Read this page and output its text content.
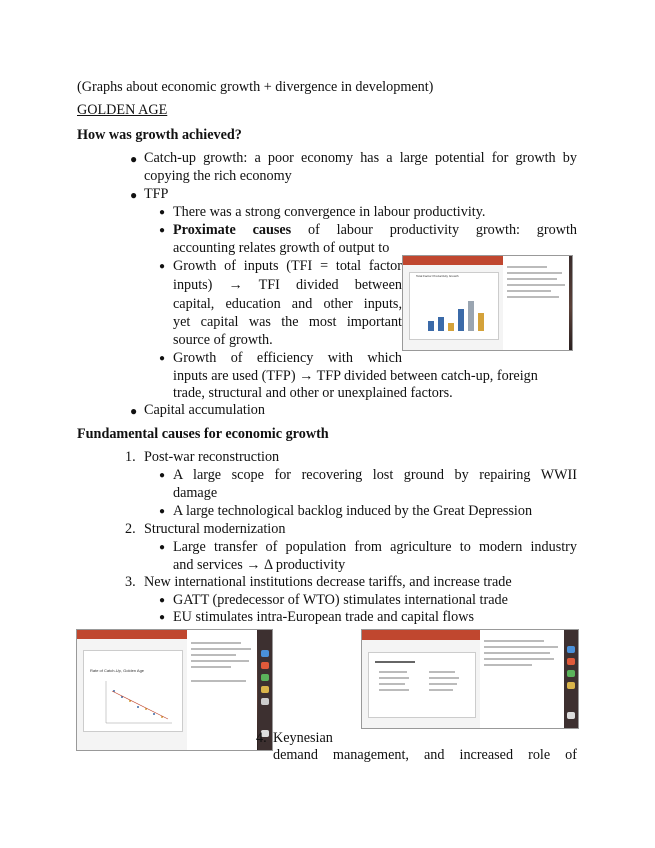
(Graphs about economic growth + divergence in development)
GOLDEN AGE
How was growth achieved?
● Catch-up growth: a poor economy has a large potential for growth by
copying the rich economy
● TFP
● There was a strong convergence in labour productivity.
● Proximate causes of labour productivity growth: growth
accounting relates growth of output to
● Growth of inputs (TFI = total factor
inputs) → TFI divided between
capital, education and other inputs,
yet capital was the most important
source of growth.
● Growth of efficiency with which
inputs are used (TFP) → TFP divided between catch-up, foreign
trade, structural and other or unexplained factors.
Total Factor Productivity Growth
● Capital accumulation
Fundamental causes for economic growth
1. Post-war reconstruction
● A large scope for recovering lost ground by repairing WWII
damage
● A large technological backlog induced by the Great Depression
2. Structural modernization
● Large transfer of population from agriculture to modern industry
and services → Δ productivity
3. New international institutions decrease tariffs, and increase trade
● GATT (predecessor of WTO) stimulates international trade
● EU stimulates intra-European trade and capital flows
Rate of Catch-Up, Golden Age
4. Keynesian
demand management, and increased role of
